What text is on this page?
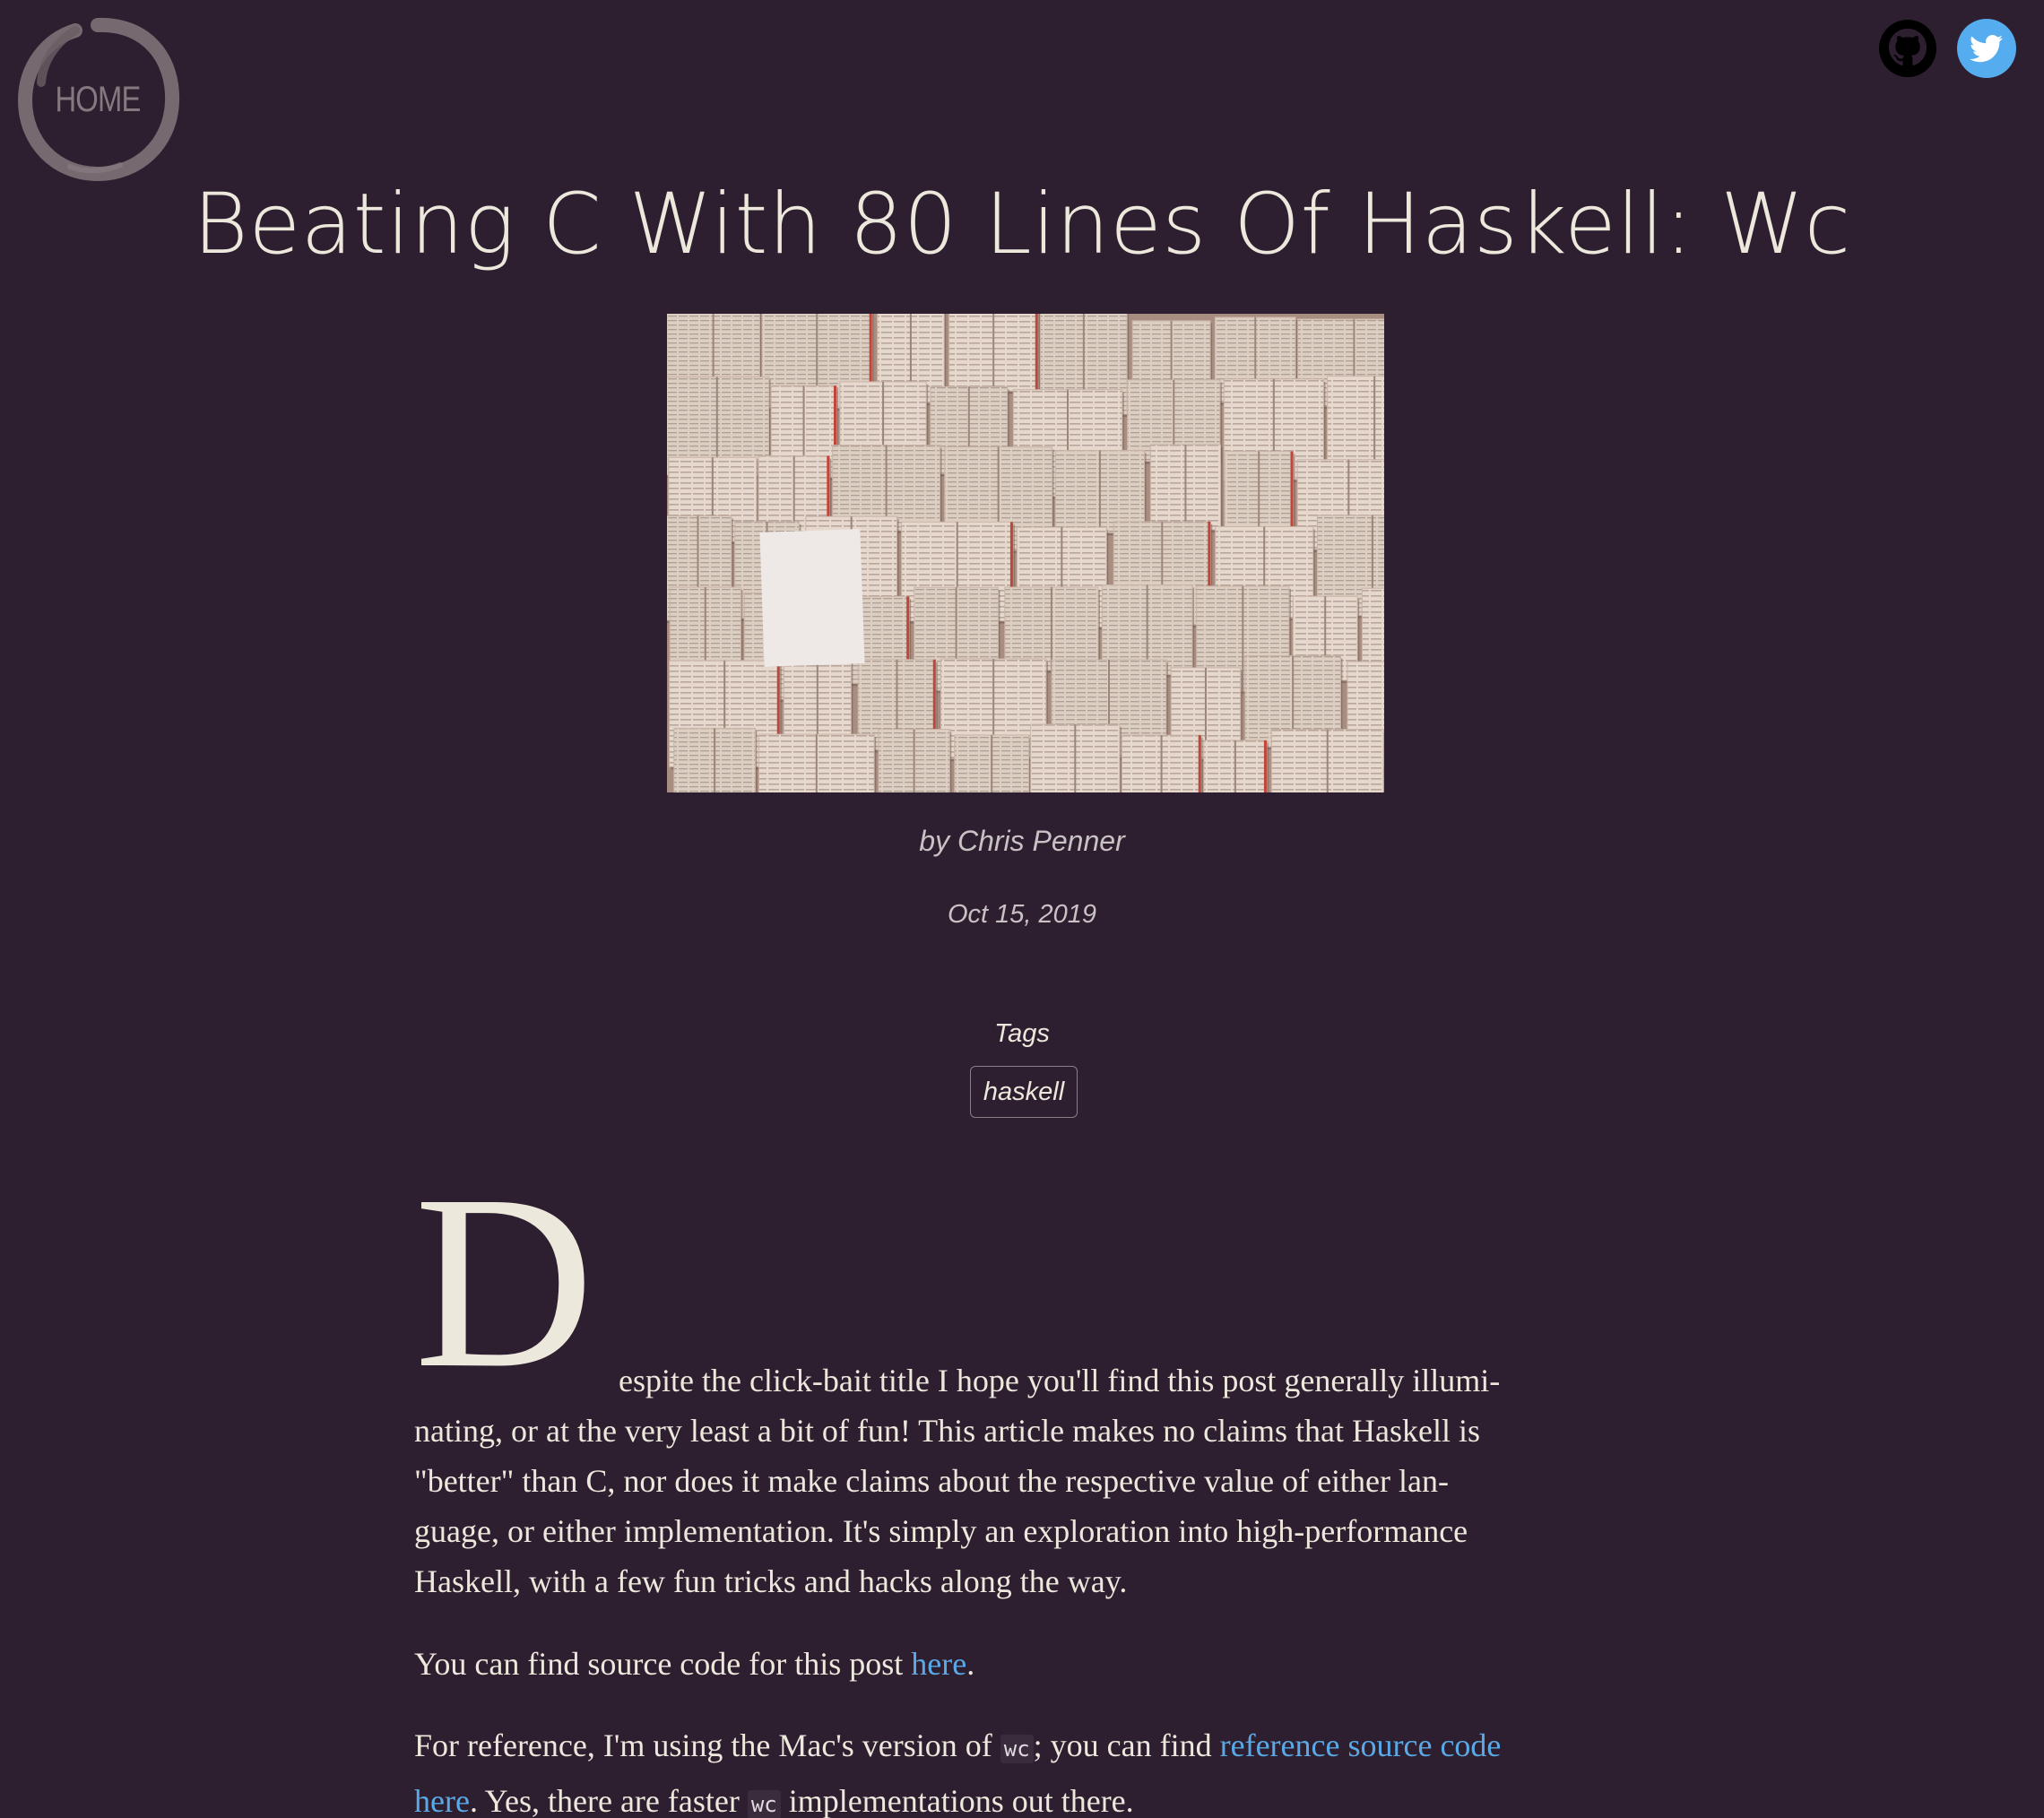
HOME
Beating C With 80 Lines Of Haskell: Wc
by Chris Penner
Oct 15, 2019
Tags
haskell
D espite the click-bait title I hope you'll find this post generally illumi-
nating, or at the very least a bit of fun! This article makes no claims that Haskell is
"better" than C, nor does it make claims about the respective value of either lan-
guage, or either implementation. It's simply an exploration into high-performance
Haskell, with a few fun tricks and hacks along the way.

You can find source code for this post here.

For reference, I'm using the Mac's version of wc ; you can find reference source code
here. Yes, there are faster wc implementations out there.
